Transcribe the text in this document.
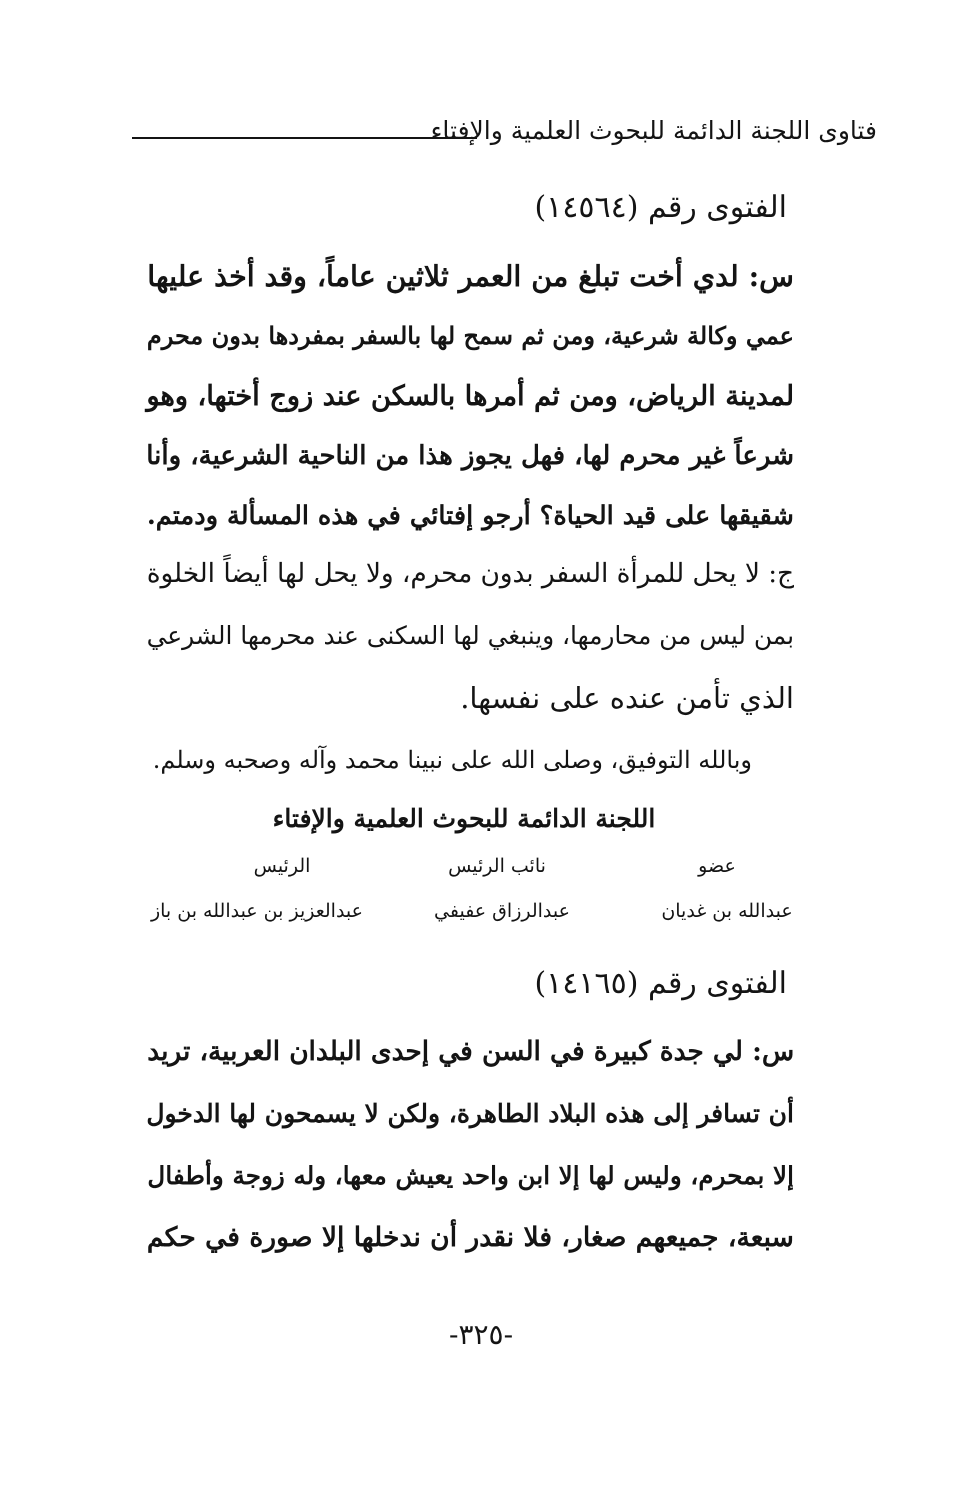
فتاوى اللجنة الدائمة للبحوث العلمية والإفتاء
الفتوى رقم (١٤٥٦٤)
س: لدي أخت تبلغ من العمر ثلاثين عاماً، وقد أخذ عليها
عمي وكالة شرعية، ومن ثم سمح لها بالسفر بمفردها بدون محرم
لمدينة الرياض، ومن ثم أمرها بالسكن عند زوج أختها، وهو
شرعاً غير محرم لها، فهل يجوز هذا من الناحية الشرعية، وأنا
شقيقها على قيد الحياة؟ أرجو إفتائي في هذه المسألة ودمتم.
ج: لا يحل للمرأة السفر بدون محرم، ولا يحل لها أيضاً الخلوة
بمن ليس من محارمها، وينبغي لها السكنى عند محرمها الشرعي
الذي تأمن عنده على نفسها.
وبالله التوفيق، وصلى الله على نبينا محمد وآله وصحبه وسلم.
اللجنة الدائمة للبحوث العلمية والإفتاء
عضو
نائب الرئيس
الرئيس
عبدالله بن غديان
عبدالرزاق عفيفي
عبدالعزيز بن عبدالله بن باز
الفتوى رقم (١٤١٦٥)
س: لي جدة كبيرة في السن في إحدى البلدان العربية، تريد
أن تسافر إلى هذه البلاد الطاهرة، ولكن لا يسمحون لها الدخول
إلا بمحرم، وليس لها إلا ابن واحد يعيش معها، وله زوجة وأطفال
سبعة، جميعهم صغار، فلا نقدر أن ندخلها إلا صورة في حكم
-٣٢٥-
